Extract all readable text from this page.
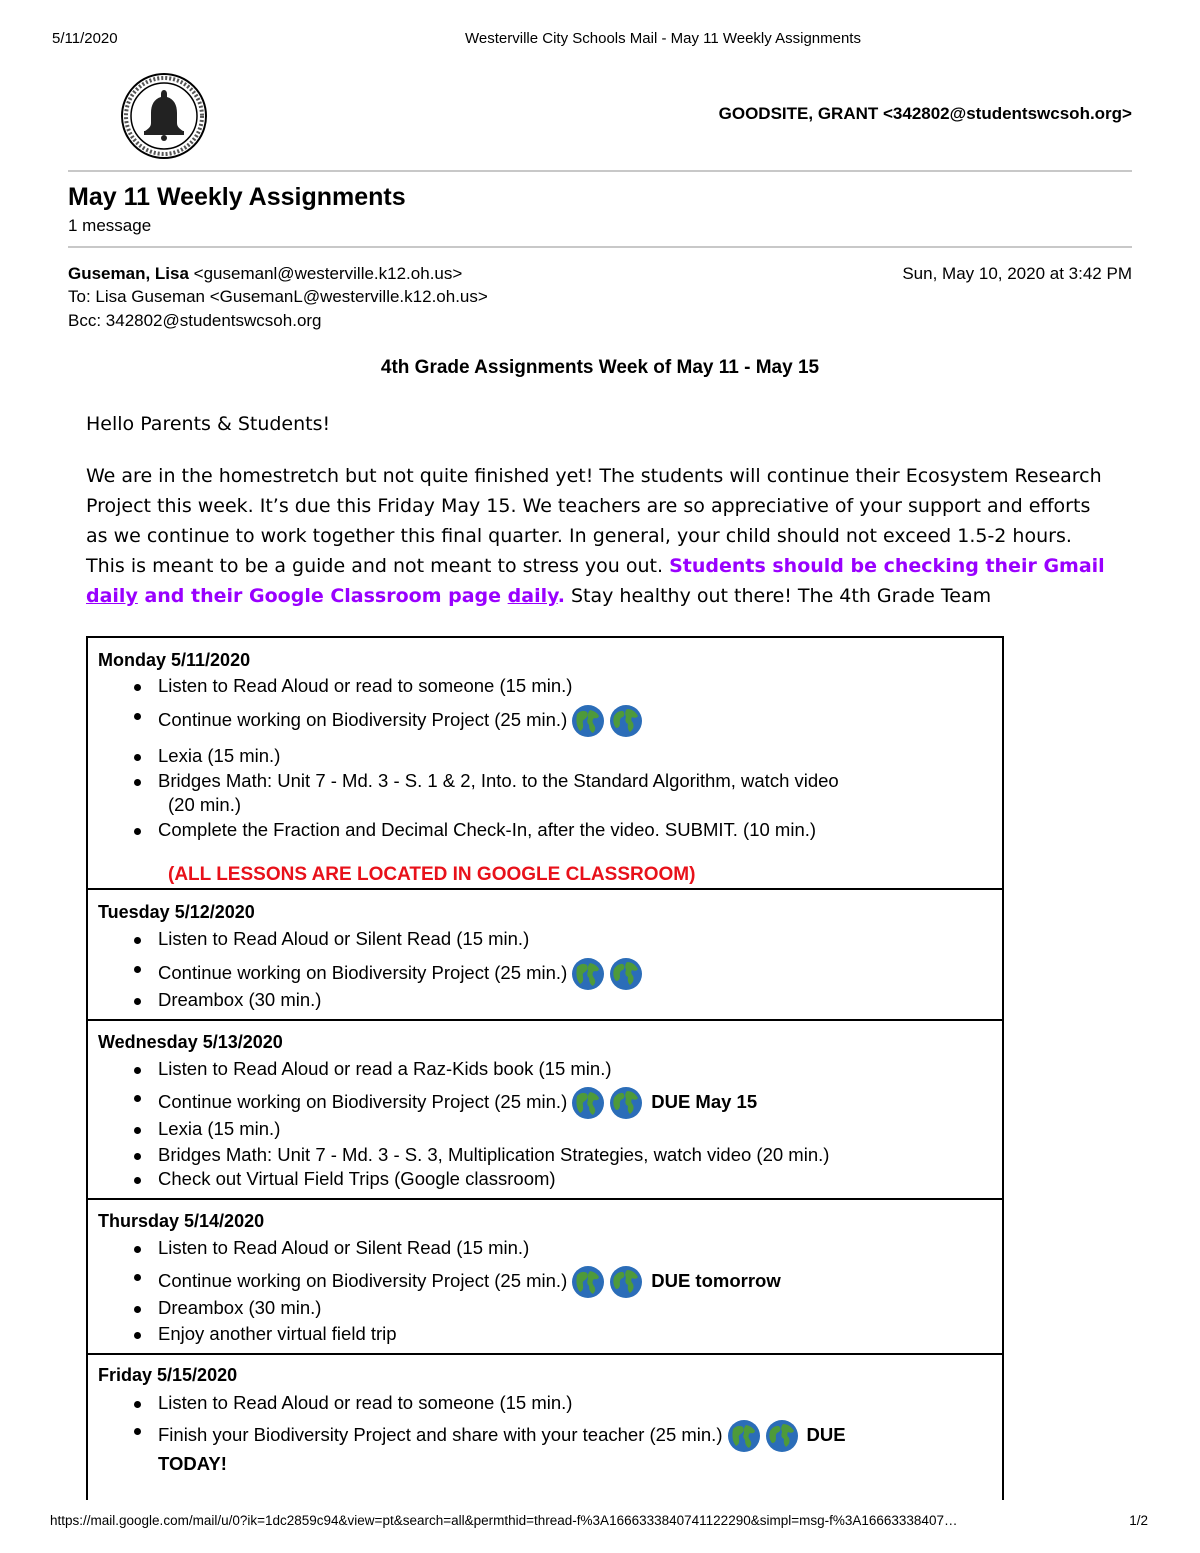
5/11/2020	Westerville City Schools Mail - May 11 Weekly Assignments
GOODSITE, GRANT <342802@studentswcsoh.org>
May 11 Weekly Assignments
1 message
Guseman, Lisa <gusemanl@westerville.k12.oh.us>	Sun, May 10, 2020 at 3:42 PM
To: Lisa Guseman <GusemanL@westerville.k12.oh.us>
Bcc: 342802@studentswcsoh.org
4th Grade Assignments Week of May 11 - May 15
Hello Parents & Students!
We are in the homestretch but not quite finished yet! The students will continue their Ecosystem Research Project this week. It’s due this Friday May 15. We teachers are so appreciative of your support and efforts as we continue to work together this final quarter. In general, your child should not exceed 1.5-2 hours. This is meant to be a guide and not meant to stress you out. Students should be checking their Gmail daily and their Google Classroom page daily. Stay healthy out there! The 4th Grade Team
Monday 5/11/2020
Listen to Read Aloud or read to someone (15 min.)
Continue working on Biodiversity Project (25 min.)
Lexia (15 min.)
Bridges Math: Unit 7 - Md. 3 - S. 1 & 2, Into. to the Standard Algorithm, watch video
(20 min.)
Complete the Fraction and Decimal Check-In, after the video. SUBMIT. (10 min.)
(ALL LESSONS ARE LOCATED IN GOOGLE CLASSROOM)
Tuesday 5/12/2020
Listen to Read Aloud or Silent Read (15 min.)
Continue working on Biodiversity Project (25 min.)
Dreambox (30 min.)
Wednesday 5/13/2020
Listen to Read Aloud or read a Raz-Kids book (15 min.)
Continue working on Biodiversity Project (25 min.)	DUE May 15
Lexia (15 min.)
Bridges Math: Unit 7 - Md. 3 - S. 3, Multiplication Strategies, watch video (20 min.)
Check out Virtual Field Trips (Google classroom)
Thursday 5/14/2020
Listen to Read Aloud or Silent Read (15 min.)
Continue working on Biodiversity Project (25 min.)	DUE tomorrow
Dreambox (30 min.)
Enjoy another virtual field trip
Friday 5/15/2020
Listen to Read Aloud or read to someone (15 min.)
Finish your Biodiversity Project and share with your teacher (25 min.)	DUE
TODAY!
https://mail.google.com/mail/u/0?ik=1dc2859c94&view=pt&search=all&permthid=thread-f%3A1666333840741122290&simpl=msg-f%3A16663338407…	1/2
